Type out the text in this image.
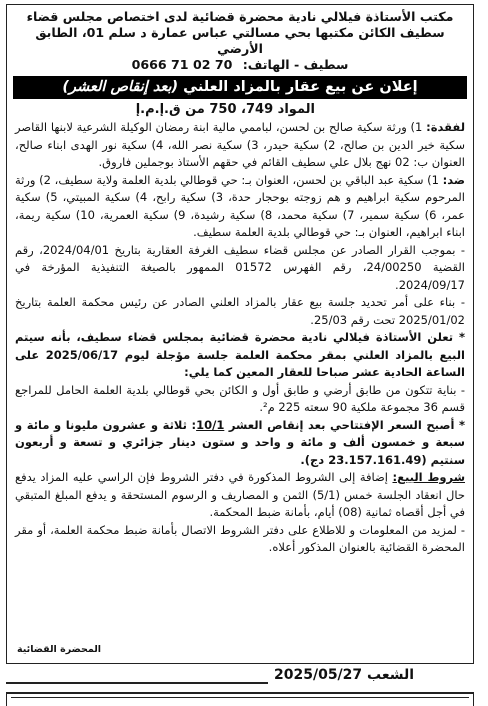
مكتب الأستاذة فيلالي نادية محضرة قضائية لدى اختصاص مجلس قضاء
سطيف الكائن مكتبها بحي مسالتي عباس عمارة د سلم 01، الطابق الأرضي
سطيف - الهاتف: 0666 71 02 70
إعلان عن بيع عقار بالمزاد العلني (بعد إنقاص العشر)
المواد 749، 750 من ق.إ.م.إ

لفقدة: 1) ورثة سكية صالح بن لحسن، لباممي مالية ابنة رمضان الوكيلة الشرعية لابنها القاصر سكية خير الدين بن صالح، 2) سكية حيدر، 3) سكية نصر الله، 4) سكية نور الهدى ابناء صالح، العنوان ب: 02 نهج بلال علي سطيف القائم في حقهم الأستاذ بوجملين فاروق.

ضد: 1) سكية عبد الباقي بن لحسن، العنوان بـ: حي قوطالي بلدية العلمة ولاية سطيف، 2) ورثة المرحوم سكية ابراهيم و هم زوجته بوحجار حدة، 3) سكية رابح، 4) سكية المبيتي، 5) سكية عمر، 6) سكية سمير، 7) سكية محمد، 8) سكية رشيدة، 9) سكية العمرية، 10) سكية ريمة، ابناء ابراهيم، العنوان بـ: حي قوطالي بلدية العلمة سطيف.

- بموجب القرار الصادر عن مجلس قضاء سطيف الغرفة العقارية بتاريخ 2024/04/01، رقم القضية 24/00250، رقم الفهرس 01572 الممهور بالصيغة التنفيذية المؤرخة في 2024/09/17.

- بناء على أمر تحديد جلسة بيع عقار بالمزاد العلني الصادر عن رئيس محكمة العلمة بتاريخ 2025/01/02 تحت رقم 25/03.

* تعلن الأستاذة فيلالي نادية محضرة قضائية بمجلس قضاء سطيف، بأنه سيتم البيع بالمزاد العلني بمقر محكمة العلمة جلسة مؤجلة ليوم 2025/06/17 على الساعة الحادية عشر صباحا للعقار المعين كما يلي:

- بناية تتكون من طابق أرضي و طابق أول و الكائن بحي قوطالي بلدية العلمة الحامل للمراجع قسم 36 مجموعة ملكية 90 سعته 225 م².

* أصبح السعر الإفتتاحي بعد إنقاص العشر 10/1: ثلاثة و عشرون مليونا و مائة و سبعة و خمسون ألف و مائة و واحد و ستون دينار جزائري و تسعة و أربعون سنتيم (23.157.161.49 دج).

شروط البيع: إضافة إلى الشروط المذكورة في دفتر الشروط فإن الراسي عليه المزاد يدفع حال انعقاد الجلسة خمس (5/1) الثمن و المصاريف و الرسوم المستحقة و يدفع المبلغ المتبقي في أجل أقصاه ثمانية (08) أيام، بأمانة ضبط المحكمة.

- لمزيد من المعلومات و للاطلاع على دفتر الشروط الاتصال بأمانة ضبط محكمة العلمة، أو مقر المحضرة القضائية بالعنوان المذكور أعلاه.

المحضرة القضائية
الشعب 2025/05/27
